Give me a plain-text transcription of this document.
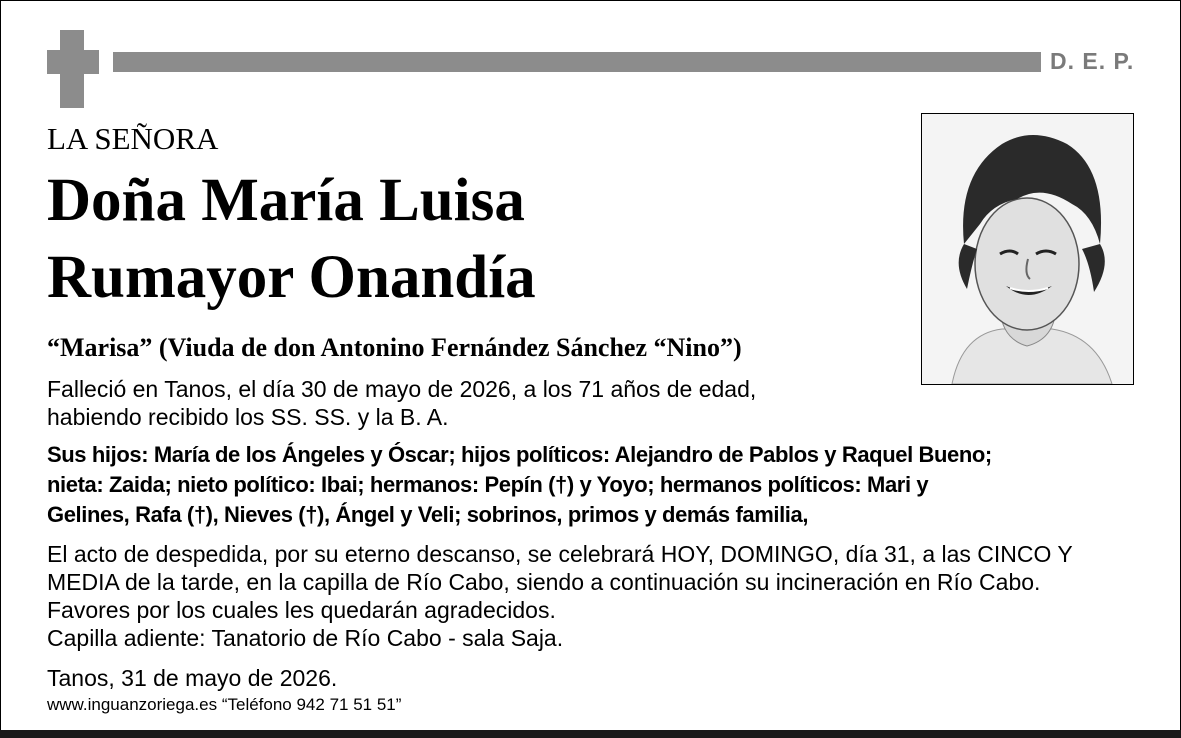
D. E. P.
LA SEÑORA
Doña María Luisa
Rumayor Onandía
“Marisa” (Viuda de don Antonino Fernández Sánchez “Nino”)
Falleció en Tanos, el día 30 de mayo de 2026, a los 71 años de edad,
habiendo recibido los SS. SS. y la B. A.
Sus hijos: María de los Ángeles y Óscar; hijos políticos: Alejandro de Pablos y Raquel Bueno;
nieta: Zaida; nieto político: Ibai; hermanos: Pepín (†) y Yoyo; hermanos políticos: Mari y
Gelines, Rafa (†), Nieves (†), Ángel y Veli; sobrinos, primos y demás familia,
El acto de despedida, por su eterno descanso, se celebrará HOY, DOMINGO, día 31, a las CINCO Y
MEDIA de la tarde, en la capilla de Río Cabo, siendo a continuación su incineración en Río Cabo.
Favores por los cuales les quedarán agradecidos.
Capilla adiente: Tanatorio de Río Cabo - sala Saja.
Tanos, 31 de mayo de 2026.
www.inguanzoriega.es “Teléfono 942 71 51 51”
